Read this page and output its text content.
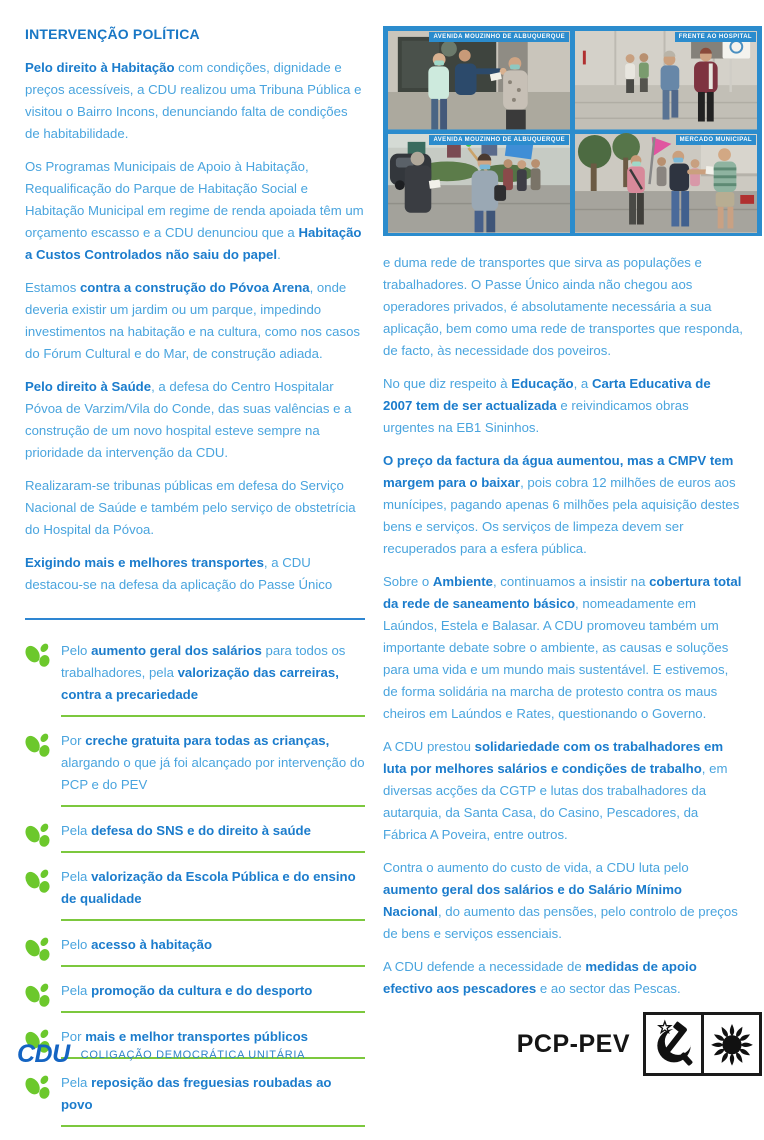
INTERVENÇÃO POLÍTICA

Pelo direito à Habitação com condições, dignidade e preços acessíveis, a CDU realizou uma Tribuna Pública e visitou o Bairro Incons, denunciando falta de condições de habitabilidade.

Os Programas Municipais de Apoio à Habitação, Requalificação do Parque de Habitação Social e Habitação Municipal em regime de renda apoiada têm um orçamento escasso e a CDU denunciou que a Habitação a Custos Controlados não saiu do papel.

Estamos contra a construção do Póvoa Arena, onde deveria existir um jardim ou um parque, impedindo investimentos na habitação e na cultura, como nos casos do Fórum Cultural e do Mar, de construção adiada.

Pelo direito à Saúde, a defesa do Centro Hospitalar Póvoa de Varzim/Vila do Conde, das suas valências e a construção de um novo hospital esteve sempre na prioridade da intervenção da CDU.

Realizaram-se tribunas públicas em defesa do Serviço Nacional de Saúde e também pelo serviço de obstetrícia do Hospital da Póvoa.

Exigindo mais e melhores transportes, a CDU destacou-se na defesa da aplicação do Passe Único

Pelo aumento geral dos salários para todos os trabalhadores, pela valorização das carreiras, contra a precariedade
Por creche gratuita para todas as crianças, alargando o que já foi alcançado por intervenção do PCP e do PEV
Pela defesa do SNS e do direito à saúde
Pela valorização da Escola Pública e do ensino de qualidade
Pelo acesso à habitação
Pela promoção da cultura e do desporto
Por mais e melhor transportes públicos
Pela reposição das freguesias roubadas ao povo
AVENIDA MOUZINHO DE ALBUQUERQUE	FRENTE AO HOSPITAL
AVENIDA MOUZINHO DE ALBUQUERQUE	MERCADO MUNICIPAL

e duma rede de transportes que sirva as populações e trabalhadores. O Passe Único ainda não chegou aos operadores privados, é absolutamente necessária a sua aplicação, bem como uma rede de transportes que responda, de facto, às necessidade dos poveiros.

No que diz respeito à Educação, a Carta Educativa de 2007 tem de ser actualizada e reivindicamos obras urgentes na EB1 Sininhos.

O preço da factura da água aumentou, mas a CMPV tem margem para o baixar, pois cobra 12 milhões de euros aos munícipes, pagando apenas 6 milhões pela aquisição destes bens e serviços. Os serviços de limpeza devem ser recuperados para a esfera pública.

Sobre o Ambiente, continuamos a insistir na cobertura total da rede de saneamento básico, nomeadamente em Laúndos, Estela e Balasar. A CDU promoveu também um importante debate sobre o ambiente, as causas e soluções para uma vida e um mundo mais sustentável. E estivemos, de forma solidária na marcha de protesto contra os maus cheiros em Laúndos e Rates, questionando o Governo.

A CDU prestou solidariedade com os trabalhadores em luta por melhores salários e condições de trabalho, em diversas acções da CGTP e lutas dos trabalhadores da autarquia, da Santa Casa, do Casino, Pescadores, da Fábrica A Poveira, entre outros.

Contra o aumento do custo de vida, a CDU luta pelo aumento geral dos salários e do Salário Mínimo Nacional, do aumento das pensões, pelo controlo de preços de bens e serviços essenciais.

A CDU defende a necessidade de medidas de apoio efectivo aos pescadores e ao sector das Pescas.

CDU COLIGAÇÃO DEMOCRÁTICA UNITÁRIA	PCP-PEV
